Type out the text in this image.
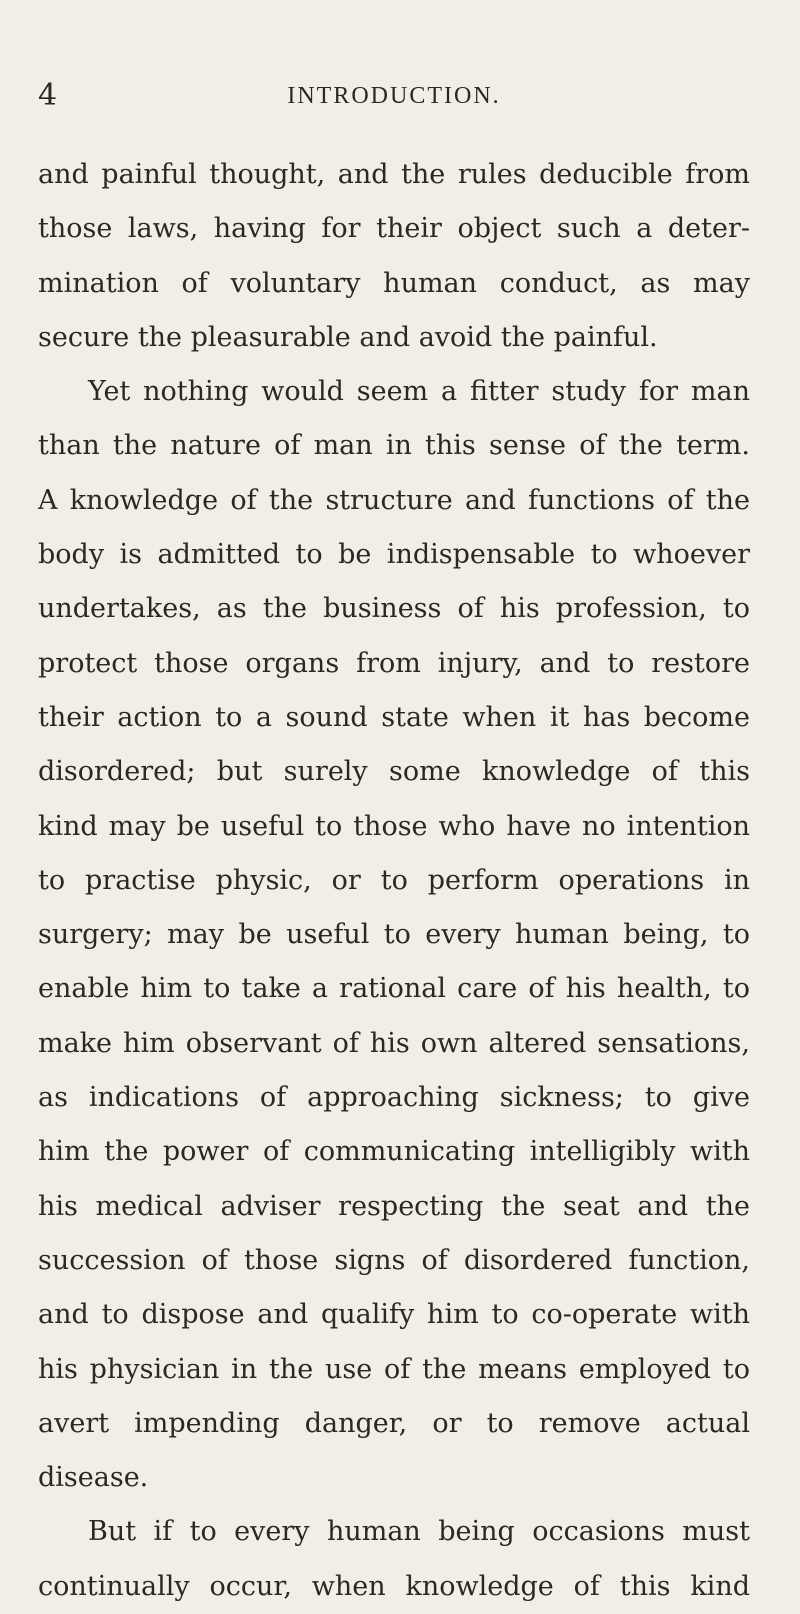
4	INTRODUCTION.
and painful thought, and the rules deducible from
those laws, having for their object such a deter-
mination of voluntary human conduct, as may
secure the pleasurable and avoid the painful.
Yet nothing would seem a fitter study for man
than the nature of man in this sense of the term.
A knowledge of the structure and functions of the
body is admitted to be indispensable to whoever
undertakes, as the business of his profession, to
protect those organs from injury, and to restore
their action to a sound state when it has become
disordered; but surely some knowledge of this
kind may be useful to those who have no intention
to practise physic, or to perform operations in
surgery; may be useful to every human being, to
enable him to take a rational care of his health, to
make him observant of his own altered sensations,
as indications of approaching sickness; to give
him the power of communicating intelligibly with
his medical adviser respecting the seat and the
succession of those signs of disordered function,
and to dispose and qualify him to co-operate with
his physician in the use of the means employed to
avert impending danger, or to remove actual
disease.
But if to every human being occasions must
continually occur, when knowledge of this kind
